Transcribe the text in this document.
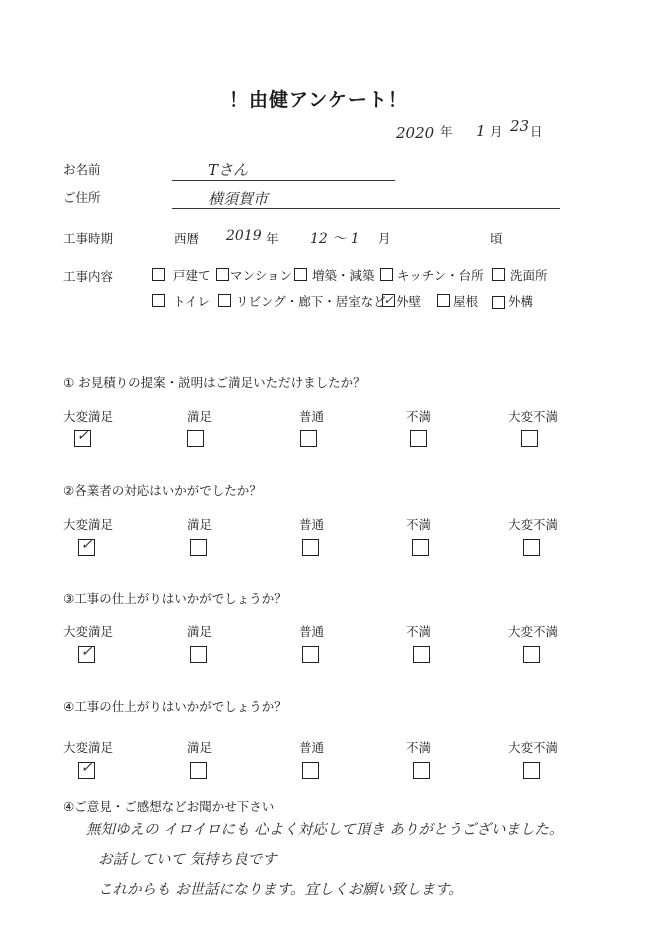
！由健アンケート！
2020 年 1 月 23 日
お名前	Tさん
ご住所	横須賀市
工事時期	西暦 2019 年 12 〜 1 月	頃
工事内容	戸建て マンション 増築・減築 キッチン・台所 洗面所
トイレ リビング・廊下・居室など
✓ 外壁	屋根 外構
① お見積りの提案・説明はご満足いただけましたか？
大変満足	満足	普通	不満	大変不満
✓
②各業者の対応はいかがでしたか？
大変満足	満足	普通	不満	大変不満
✓
③工事の仕上がりはいかがでしょうか？
大変満足	満足	普通	不満	大変不満
✓
④工事の仕上がりはいかがでしょうか？
大変満足	満足	普通	不満	大変不満
✓
④ご意見・ご感想などお聞かせ下さい
無知ゆえの イロイロにも 心よく対応して頂き ありがとうございました。
お話していて 気持ち良です
これからも お世話になります。宜しくお願い致します。
